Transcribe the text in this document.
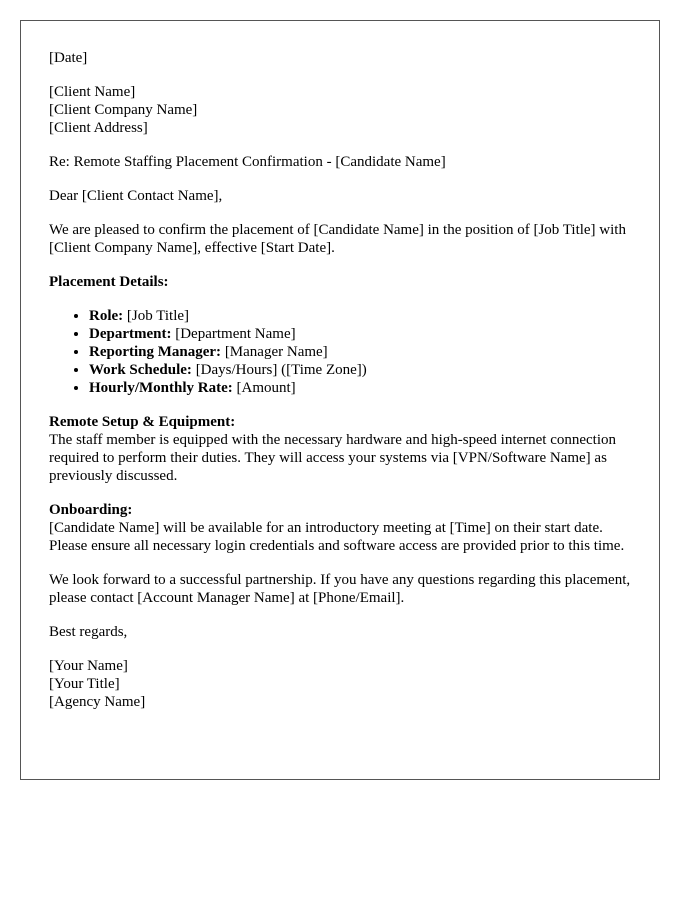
[Date]

[Client Name]
[Client Company Name]
[Client Address]

Re: Remote Staffing Placement Confirmation - [Candidate Name]

Dear [Client Contact Name],

We are pleased to confirm the placement of [Candidate Name] in the position of [Job Title] with [Client Company Name], effective [Start Date].

Placement Details:

• Role: [Job Title]
• Department: [Department Name]
• Reporting Manager: [Manager Name]
• Work Schedule: [Days/Hours] ([Time Zone])
• Hourly/Monthly Rate: [Amount]
Remote Setup & Equipment:
The staff member is equipped with the necessary hardware and high-speed internet connection required to perform their duties. They will access your systems via [VPN/Software Name] as previously discussed.
Onboarding:
[Candidate Name] will be available for an introductory meeting at [Time] on their start date. Please ensure all necessary login credentials and software access are provided prior to this time.

We look forward to a successful partnership. If you have any questions regarding this placement, please contact [Account Manager Name] at [Phone/Email].

Best regards,

[Your Name]
[Your Title]
[Agency Name]
